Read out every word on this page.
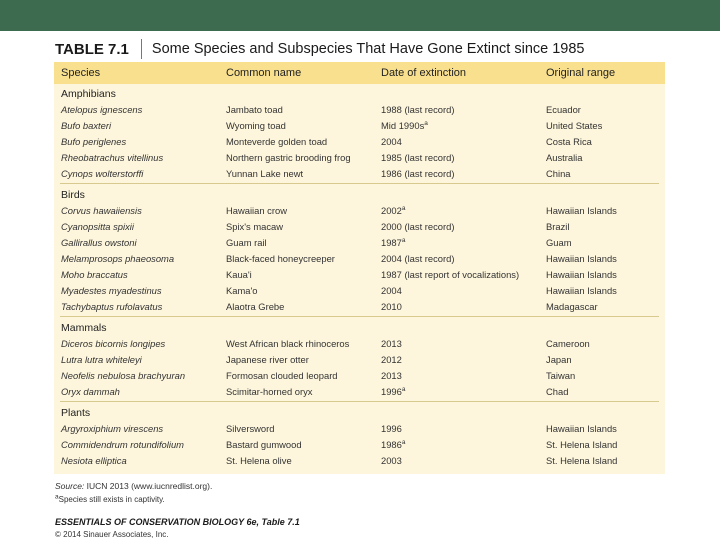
TABLE 7.1 Some Species and Subspecies That Have Gone Extinct since 1985
Species	Common name	Date of extinction	Original range
Amphibians
Atelopus ignescens	Jambato toad	1988 (last record)	Ecuador
Bufo baxteri	Wyoming toad	Mid $1990s^a$	United States
Bufo periglenes	Monteverde golden toad	2004	Costa Rica
Rheobatrachus vitellinus	Northern gastric brooding frog	1985 (last record)	Australia
Cynops wolterstorffi	Yunnan Lake newt	1986 (last record)	China
Birds
Corvus hawaiiensis	Hawaiian crow	2002$^a$	Hawaiian Islands
Cyanopsitta spixii	Spix's macaw	2000 (last record)	Brazil
Gallirallus owstoni	Guam rail	1987$^a$	Guam
Melamprosops phaeosoma	Black-faced honeycreeper	2004 (last record)	Hawaiian Islands
Moho braccatus	Kaua'i	1987 (last report of vocalizations)	Hawaiian Islands
Myadestes myadestinus	Kama'o	2004	Hawaiian Islands
Tachybaptus rufolavatus	Alaotra Grebe	2010	Madagascar
Mammals
Diceros bicornis longipes	West African black rhinoceros	2013	Cameroon
Lutra lutra whiteleyi	Japanese river otter	2012	Japan
Neofelis nebulosa brachyuran	Formosan clouded leopard	2013	Taiwan
Oryx dammah	Scimitar-horned oryx	1996$^a$	Chad
Plants
Argyroxiphium virescens	Silversword	1996	Hawaiian Islands
Commidendrum rotundifolium	Bastard gumwood	1986$^a$	St. Helena Island
Nesiota elliptica	St. Helena olive	2003	St. Helena Island
Source: IUCN 2013 (www.iucnredlist.org).
$^a$Species still exists in captivity.
ESSENTIALS OF CONSERVATION BIOLOGY 6e, Table 7.1
© 2014 Sinauer Associates, Inc.
